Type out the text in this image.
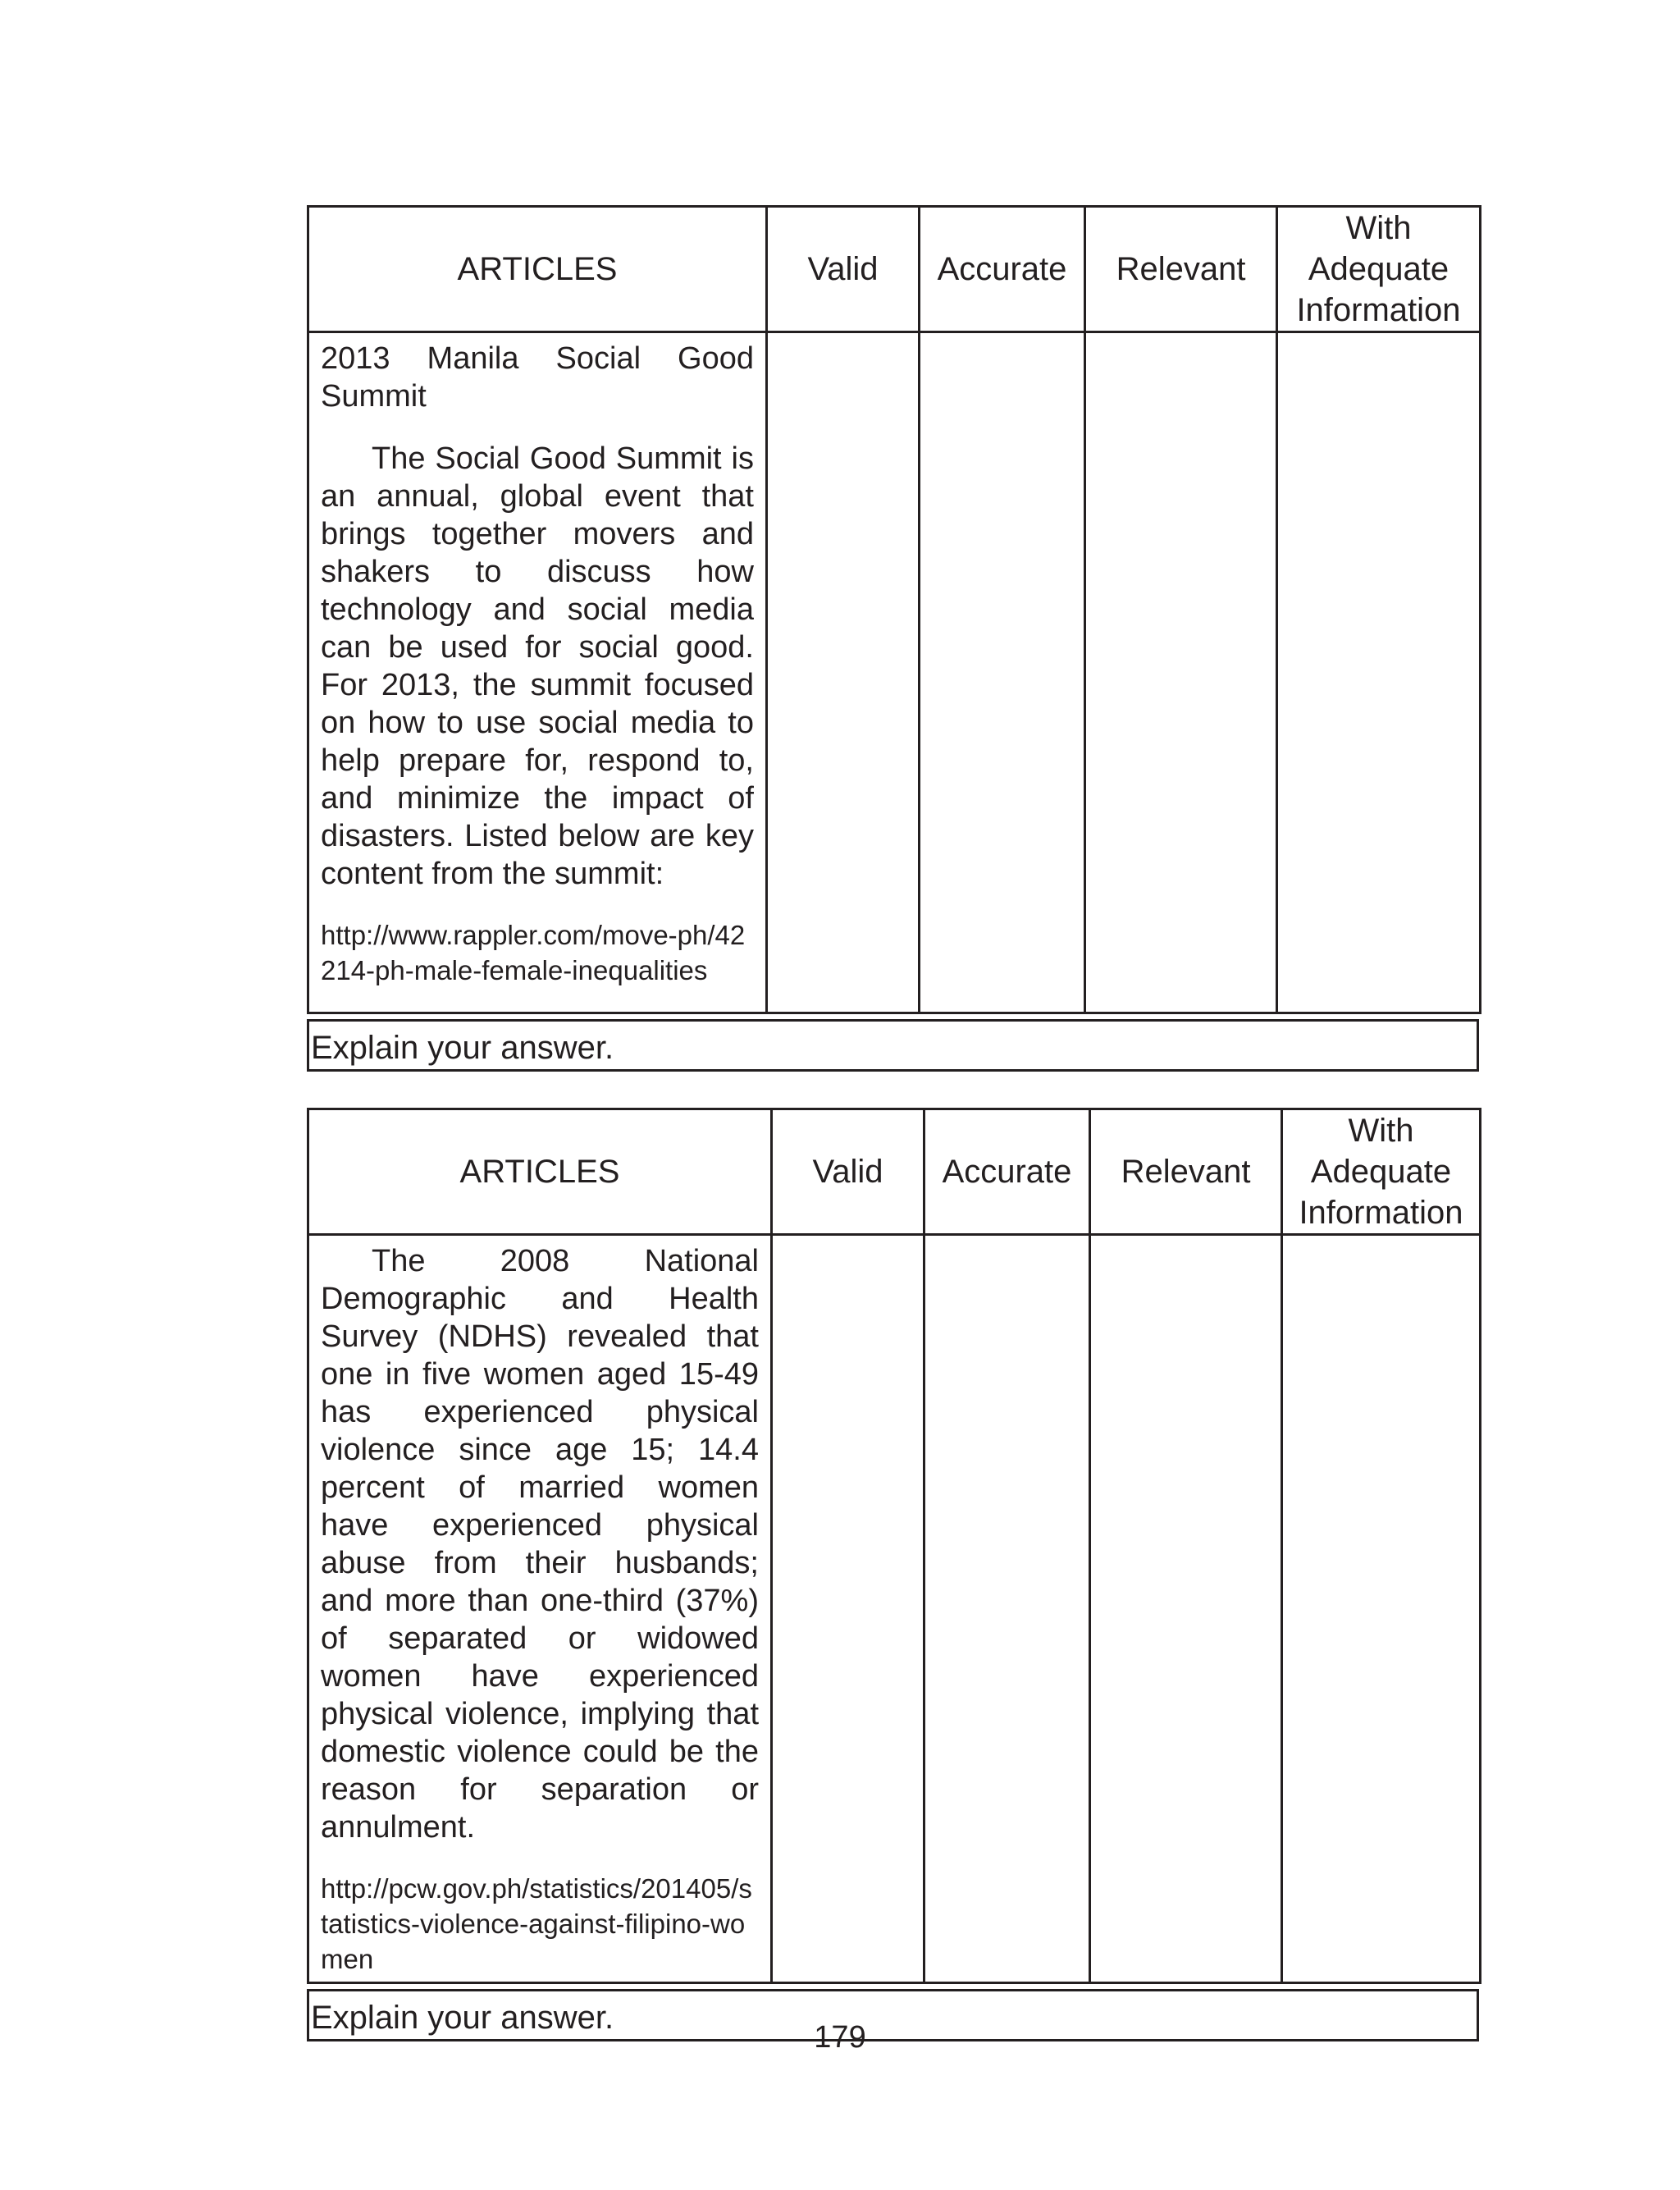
ARTICLES	Valid	Accurate	Relevant	With
Adequate
Information

2013 Manila Social Good Summit

The Social Good Summit is an annual, global event that brings together movers and shakers to discuss how technology and social media can be used for social good. For 2013, the summit focused on how to use social media to help prepare for, respond to, and minimize the impact of disasters. Listed below are key content from the summit:

http://www.rappler.com/move-ph/42214-ph-male-female-inequalities				

Explain your answer.
ARTICLES	Valid	Accurate	Relevant	With
Adequate
Information

The 2008 National Demographic and Health Survey (NDHS) revealed that one in five women aged 15-49 has experienced physical violence since age 15; 14.4 percent of married women have experienced physical abuse from their husbands; and more than one-third (37%) of separated or widowed women have experienced physical violence, implying that domestic violence could be the reason for separation or annulment.

http://pcw.gov.ph/statistics/201405/statistics-violence-against-filipino-women				

Explain your answer.
179
